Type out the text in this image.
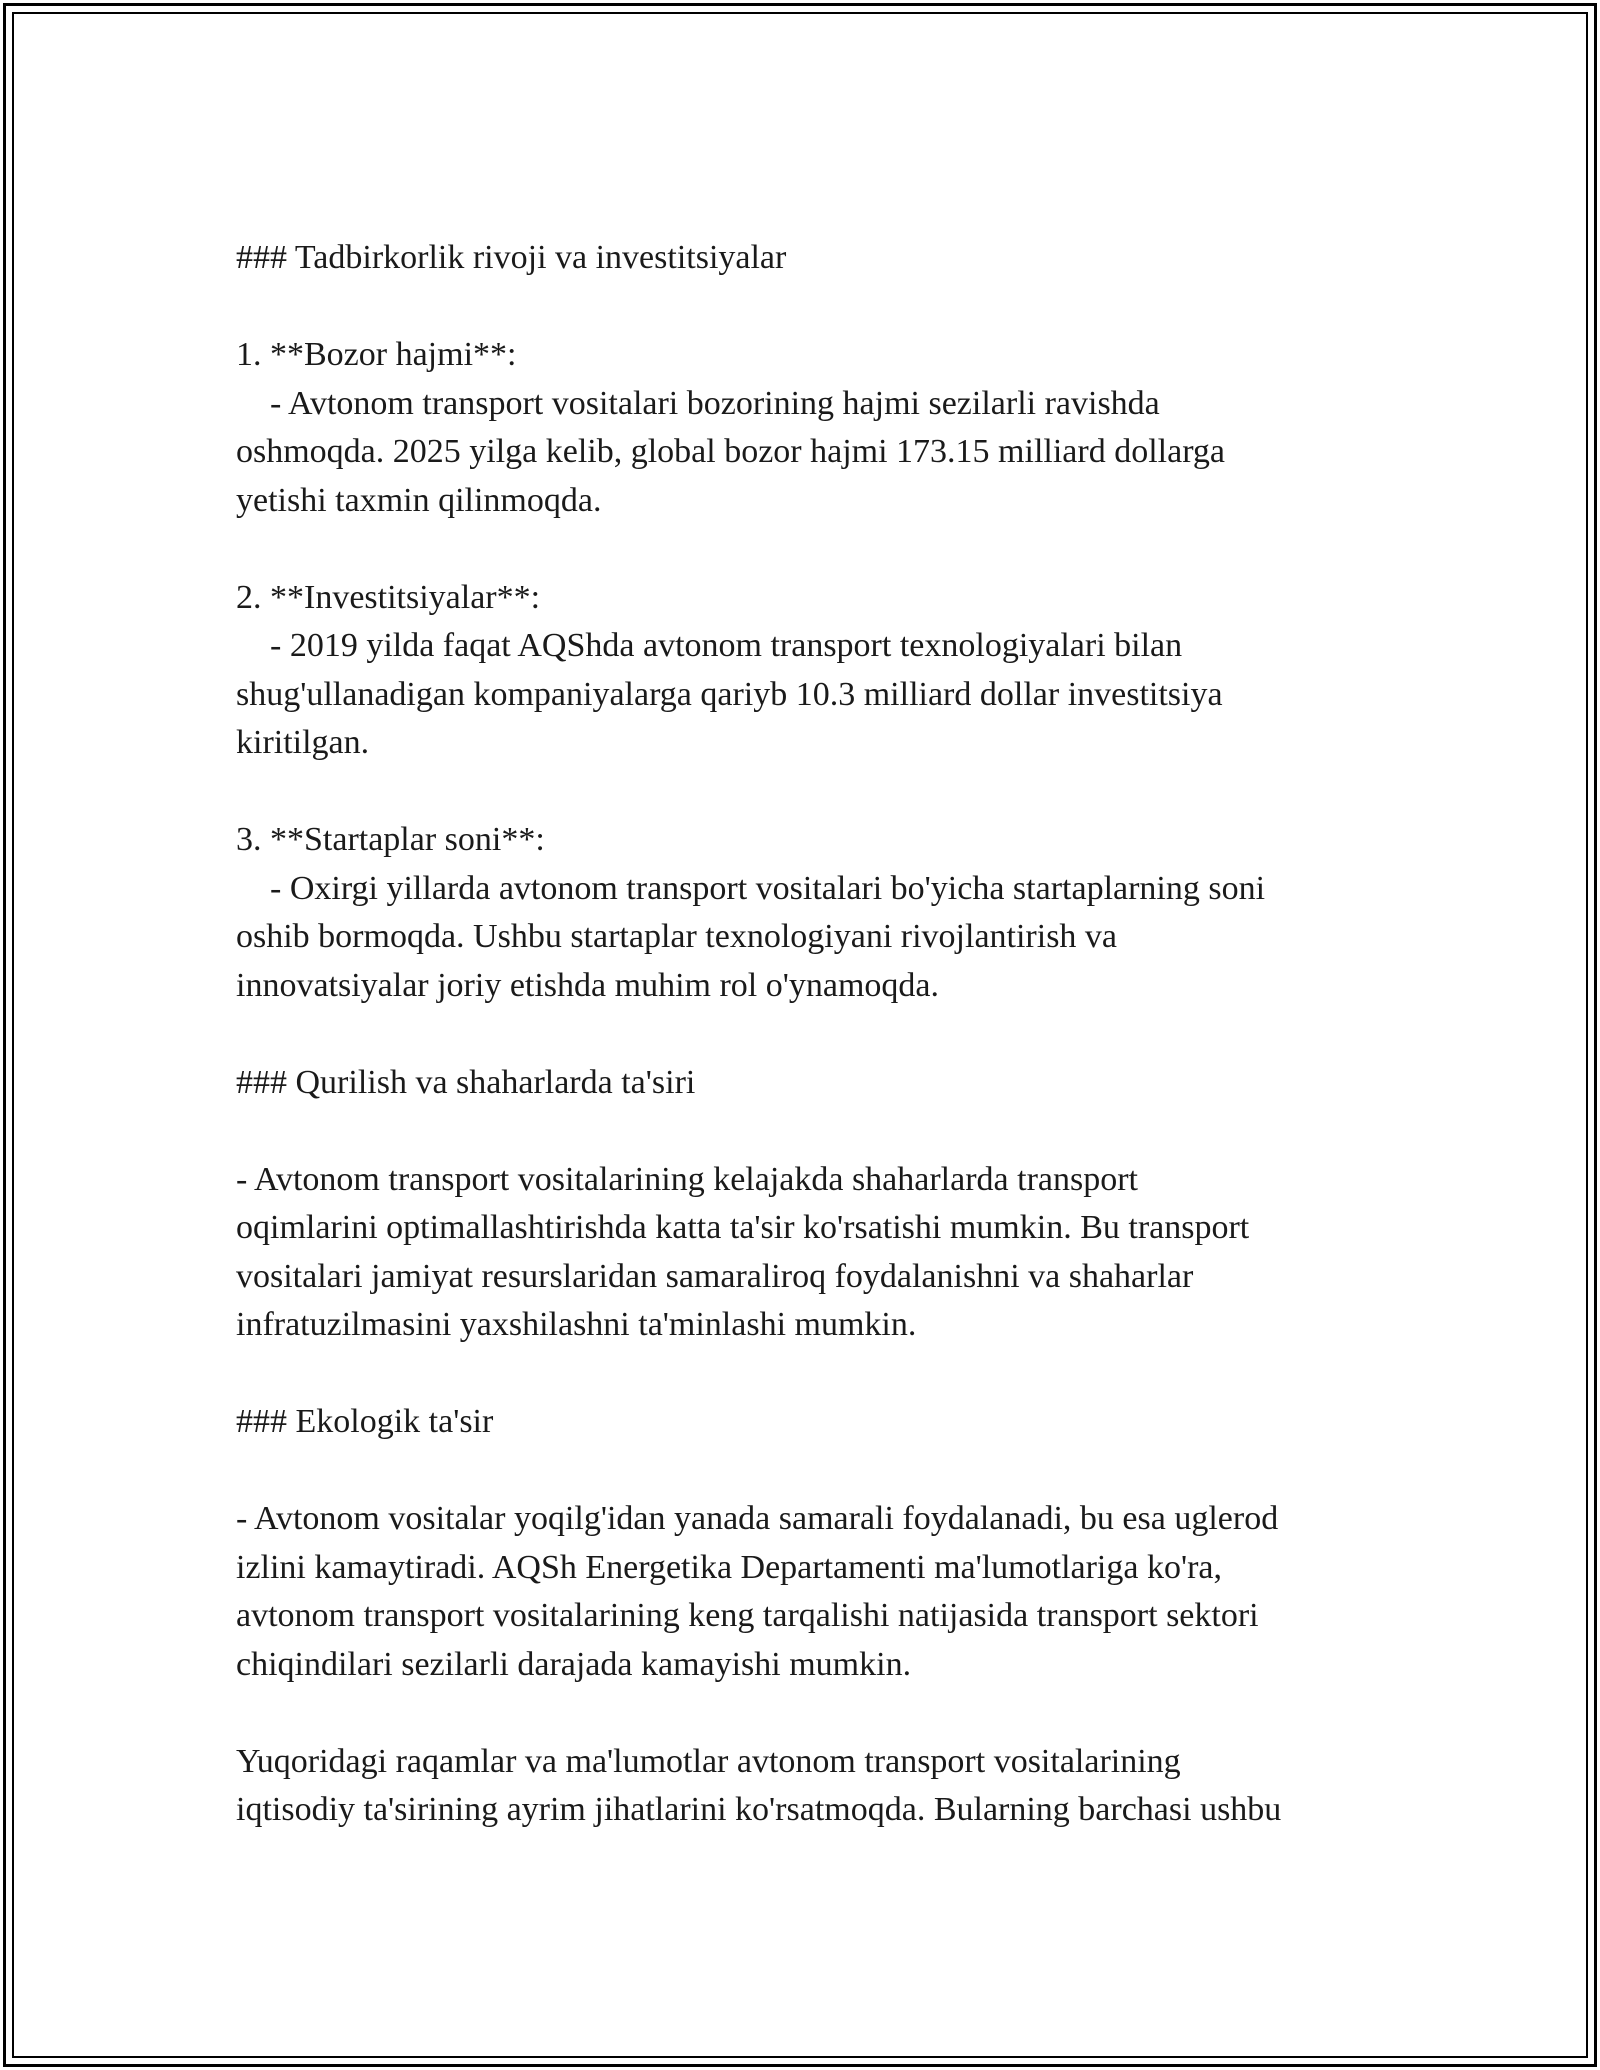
### Tadbirkorlik rivoji va investitsiyalar
1. **Bozor hajmi**:
- Avtonom transport vositalari bozorining hajmi sezilarli ravishda
oshmoqda. 2025 yilga kelib, global bozor hajmi 173.15 milliard dollarga
yetishi taxmin qilinmoqda.
2. **Investitsiyalar**:
- 2019 yilda faqat AQShda avtonom transport texnologiyalari bilan
shug'ullanadigan kompaniyalarga qariyb 10.3 milliard dollar investitsiya
kiritilgan.
3. **Startaplar soni**:
- Oxirgi yillarda avtonom transport vositalari bo'yicha startaplarning soni
oshib bormoqda. Ushbu startaplar texnologiyani rivojlantirish va
innovatsiyalar joriy etishda muhim rol o'ynamoqda.
### Qurilish va shaharlarda ta'siri
- Avtonom transport vositalarining kelajakda shaharlarda transport
oqimlarini optimallashtirishda katta ta'sir ko'rsatishi mumkin. Bu transport
vositalari jamiyat resurslaridan samaraliroq foydalanishni va shaharlar
infratuzilmasini yaxshilashni ta'minlashi mumkin.
### Ekologik ta'sir
- Avtonom vositalar yoqilg'idan yanada samarali foydalanadi, bu esa uglerod
izlini kamaytiradi. AQSh Energetika Departamenti ma'lumotlariga ko'ra,
avtonom transport vositalarining keng tarqalishi natijasida transport sektori
chiqindilari sezilarli darajada kamayishi mumkin.
Yuqoridagi raqamlar va ma'lumotlar avtonom transport vositalarining
iqtisodiy ta'sirining ayrim jihatlarini ko'rsatmoqda. Bularning barchasi ushbu
